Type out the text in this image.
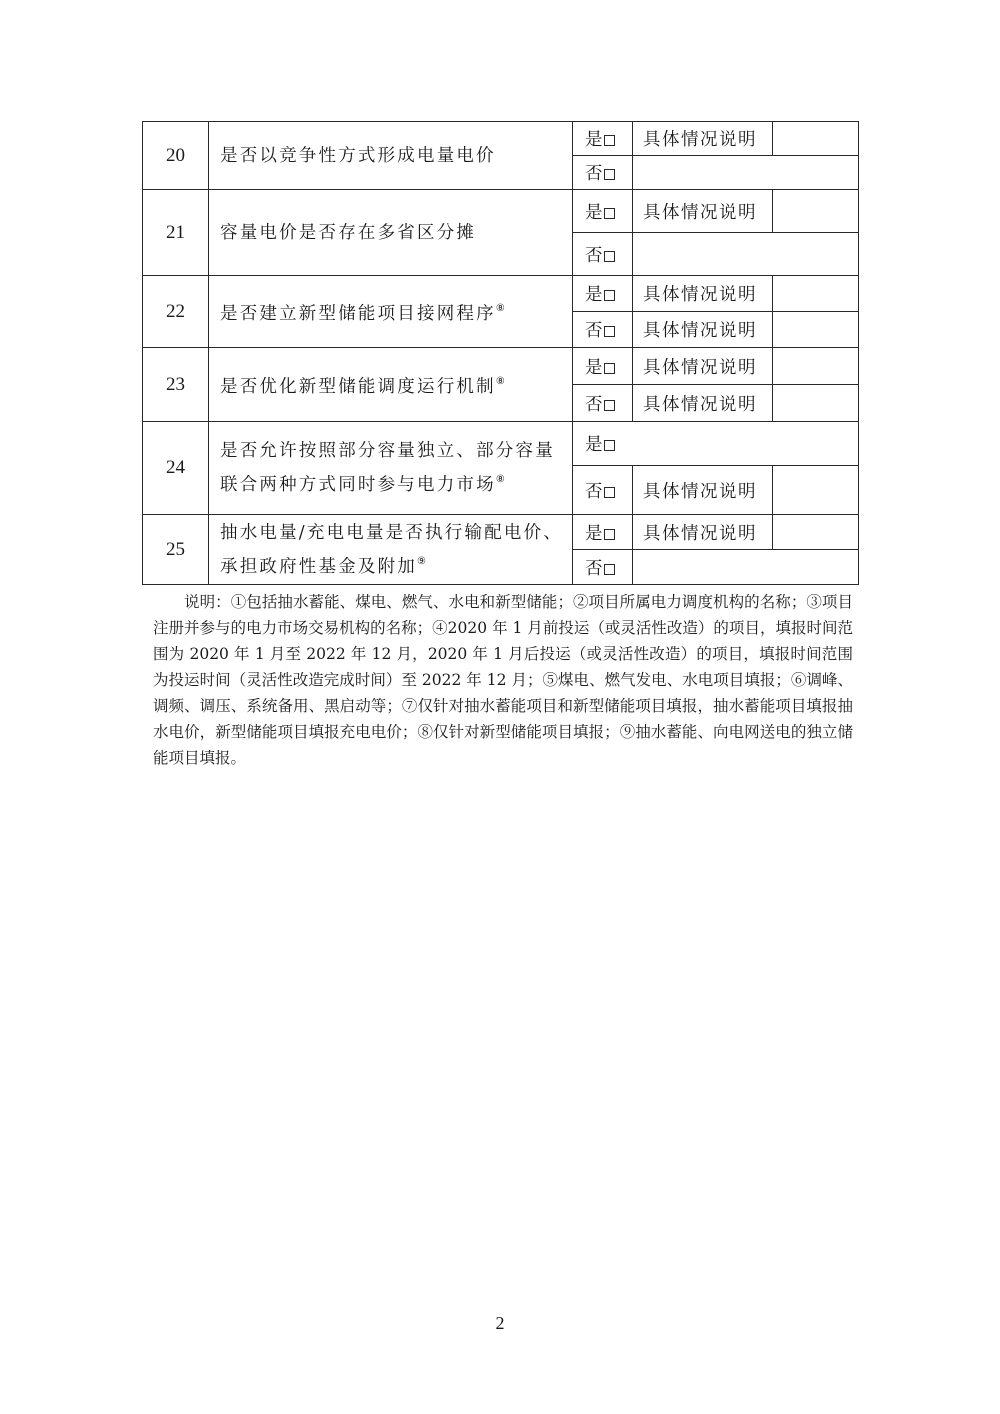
20	是否以竞争性方式形成电量电价	是	具体情况说明	
		否		
21	容量电价是否存在多省区分摊	是	具体情况说明	
		否		
22	是否建立新型储能项目接网程序⑧	是	具体情况说明	
		否	具体情况说明	
23	是否优化新型储能调度运行机制⑧	是	具体情况说明	
		否	具体情况说明	
24	是否允许按照部分容量独立、部分容量联合两种方式同时参与电力市场⑧	是		
		否	具体情况说明	
25	抽水电量/充电电量是否执行输配电价、承担政府性基金及附加⑨	是	具体情况说明	
		否		

说明：①包括抽水蓄能、煤电、燃气、水电和新型储能；②项目所属电力调度机构的名称；③项目注册并参与的电力市场交易机构的名称；④2020 年 1 月前投运（或灵活性改造）的项目，填报时间范围为 2020 年 1 月至 2022 年 12 月，2020 年 1 月后投运（或灵活性改造）的项目，填报时间范围为投运时间（灵活性改造完成时间）至 2022 年 12 月；⑤煤电、燃气发电、水电项目填报；⑥调峰、调频、调压、系统备用、黑启动等；⑦仅针对抽水蓄能项目和新型储能项目填报，抽水蓄能项目填报抽水电价，新型储能项目填报充电电价；⑧仅针对新型储能项目填报；⑨抽水蓄能、向电网送电的独立储能项目填报。

2
